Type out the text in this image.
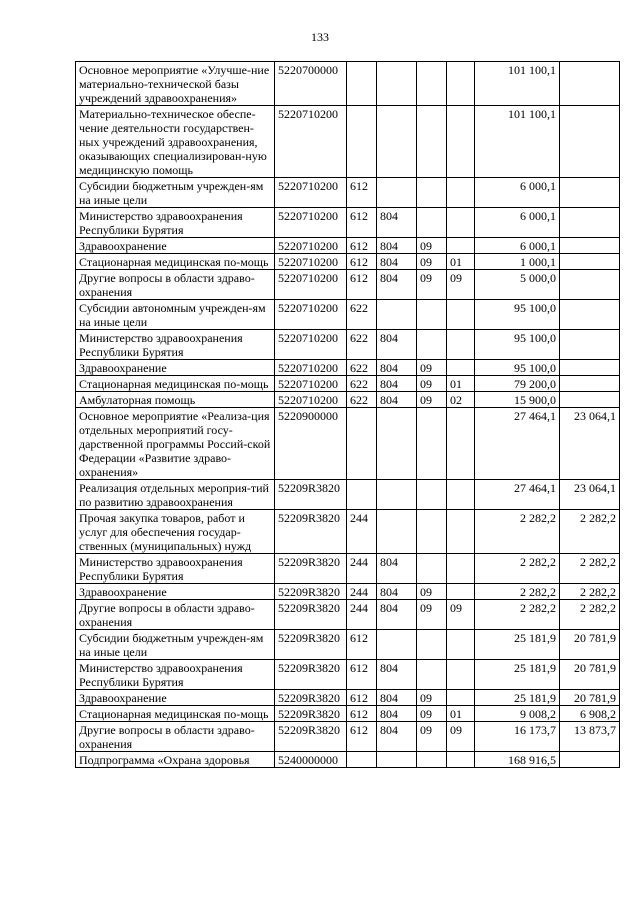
133
Основное мероприятие «Улучше-ние материально-технической базы учреждений здравоохранения»	5220700000					101 100,1	
Материально-техническое обеспе-чение деятельности государствен-ных учреждений здравоохранения, оказывающих специализирован-ную медицинскую помощь	5220710200					101 100,1	
Субсидии бюджетным учрежден-ям на иные цели	5220710200	612				6 000,1	
Министерство здравоохранения Республики Бурятия	5220710200	612	804			6 000,1	
Здравоохранение	5220710200	612	804	09		6 000,1	
Стационарная медицинская по-мощь	5220710200	612	804	09	01	1 000,1	
Другие вопросы в области здраво-охранения	5220710200	612	804	09	09	5 000,0	
Субсидии автономным учрежден-ям на иные цели	5220710200	622				95 100,0	
Министерство здравоохранения Республики Бурятия	5220710200	622	804			95 100,0	
Здравоохранение	5220710200	622	804	09		95 100,0	
Стационарная медицинская по-мощь	5220710200	622	804	09	01	79 200,0	
Амбулаторная помощь	5220710200	622	804	09	02	15 900,0	
Основное мероприятие «Реализа-ция отдельных мероприятий госу-дарственной программы Россий-ской Федерации «Развитие здраво-охранения»	5220900000					27 464,1	23 064,1
Реализация отдельных мероприя-тий по развитию здравоохранения	52209R3820					27 464,1	23 064,1
Прочая закупка товаров, работ и услуг для обеспечения государ-ственных (муниципальных) нужд	52209R3820	244				2 282,2	2 282,2
Министерство здравоохранения Республики Бурятия	52209R3820	244	804			2 282,2	2 282,2
Здравоохранение	52209R3820	244	804	09		2 282,2	2 282,2
Другие вопросы в области здраво-охранения	52209R3820	244	804	09	09	2 282,2	2 282,2
Субсидии бюджетным учрежден-ям на иные цели	52209R3820	612				25 181,9	20 781,9
Министерство здравоохранения Республики Бурятия	52209R3820	612	804			25 181,9	20 781,9
Здравоохранение	52209R3820	612	804	09		25 181,9	20 781,9
Стационарная медицинская по-мощь	52209R3820	612	804	09	01	9 008,2	6 908,2
Другие вопросы в области здраво-охранения	52209R3820	612	804	09	09	16 173,7	13 873,7
Подпрограмма «Охрана здоровья	5240000000					168 916,5	
